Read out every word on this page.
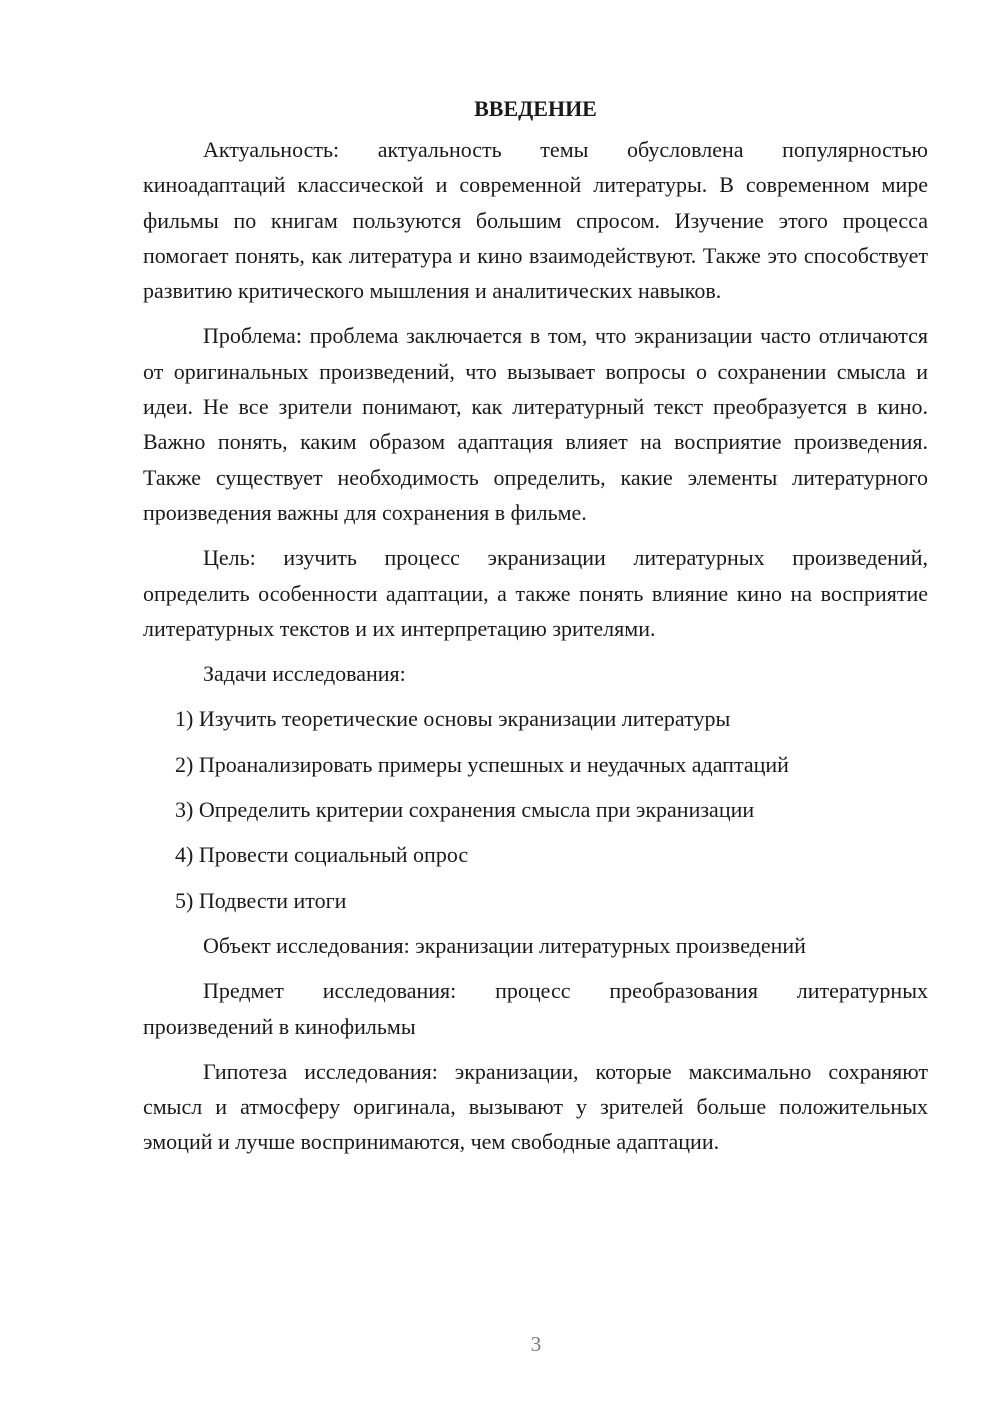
ВВЕДЕНИЕ

Актуальность: актуальность темы обусловлена популярностью киноадаптаций классической и современной литературы. В современном мире фильмы по книгам пользуются большим спросом. Изучение этого процесса помогает понять, как литература и кино взаимодействуют. Также это способствует развитию критического мышления и аналитических навыков.

Проблема: проблема заключается в том, что экранизации часто отличаются от оригинальных произведений, что вызывает вопросы о сохранении смысла и идеи. Не все зрители понимают, как литературный текст преобразуется в кино. Важно понять, каким образом адаптация влияет на восприятие произведения. Также существует необходимость определить, какие элементы литературного произведения важны для сохранения в фильме.

Цель: изучить процесс экранизации литературных произведений, определить особенности адаптации, а также понять влияние кино на восприятие литературных текстов и их интерпретацию зрителями.

Задачи исследования:

1) Изучить теоретические основы экранизации литературы

2) Проанализировать примеры успешных и неудачных адаптаций

3) Определить критерии сохранения смысла при экранизации

4) Провести социальный опрос

5) Подвести итоги

Объект исследования: экранизации литературных произведений

Предмет исследования: процесс преобразования литературных произведений в кинофильмы

Гипотеза исследования: экранизации, которые максимально сохраняют смысл и атмосферу оригинала, вызывают у зрителей больше положительных эмоций и лучше воспринимаются, чем свободные адаптации.

3
